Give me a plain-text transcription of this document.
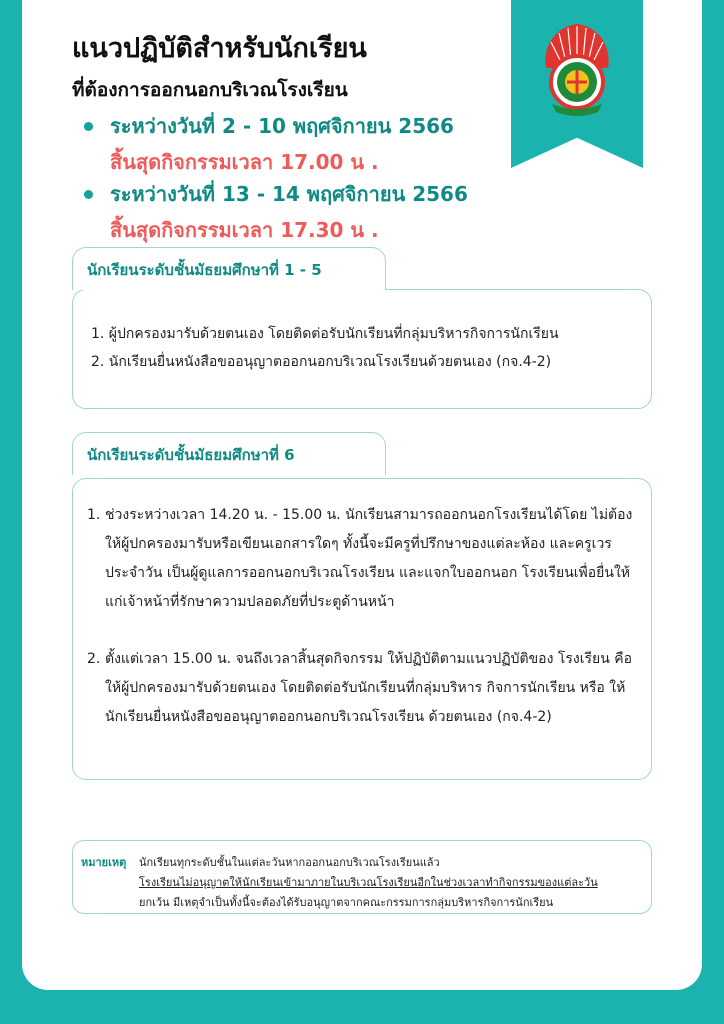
แนวปฏิบัติสำหรับนักเรียน
ที่ต้องการออกนอกบริเวณโรงเรียน
ระหว่างวันที่ 2 - 10 พฤศจิกายน 2566
สิ้นสุดกิจกรรมเวลา 17.00 น .
ระหว่างวันที่ 13 - 14 พฤศจิกายน 2566
สิ้นสุดกิจกรรมเวลา 17.30 น .
นักเรียนระดับชั้นมัธยมศึกษาที่ 1 - 5
1. ผู้ปกครองมารับด้วยตนเอง โดยติดต่อรับนักเรียนที่กลุ่มบริหารกิจการนักเรียน
2. นักเรียนยื่นหนังสือขออนุญาตออกนอกบริเวณโรงเรียนด้วยตนเอง (กจ.4-2)
นักเรียนระดับชั้นมัธยมศึกษาที่ 6
1. ช่วงระหว่างเวลา 14.20 น. - 15.00 น. นักเรียนสามารถออกนอกโรงเรียนได้โดย ไม่ต้องให้ผู้ปกครองมารับหรือเขียนเอกสารใดๆ ทั้งนี้จะมีครูที่ปรึกษาของแต่ละห้อง และครูเวรประจำวัน เป็นผู้ดูแลการออกนอกบริเวณโรงเรียน และแจกใบออกนอก โรงเรียนเพื่อยื่นให้แก่เจ้าหน้าที่รักษาความปลอดภัยที่ประตูด้านหน้า
2. ตั้งแต่เวลา 15.00 น. จนถึงเวลาสิ้นสุดกิจกรรม ให้ปฏิบัติตามแนวปฏิบัติของ โรงเรียน คือ ให้ผู้ปกครองมารับด้วยตนเอง โดยติดต่อรับนักเรียนที่กลุ่มบริหาร กิจการนักเรียน หรือ ให้นักเรียนยื่นหนังสือขออนุญาตออกนอกบริเวณโรงเรียน ด้วยตนเอง (กจ.4-2)
หมายเหตุ นักเรียนทุกระดับชั้นในแต่ละวันหากออกนอกบริเวณโรงเรียนแล้ว
โรงเรียนไม่อนุญาตให้นักเรียนเข้ามาภายในบริเวณโรงเรียนอีกในช่วงเวลาทำกิจกรรมของแต่ละวัน
ยกเว้น มีเหตุจำเป็นทั้งนี้จะต้องได้รับอนุญาตจากคณะกรรมการกลุ่มบริหารกิจการนักเรียน
